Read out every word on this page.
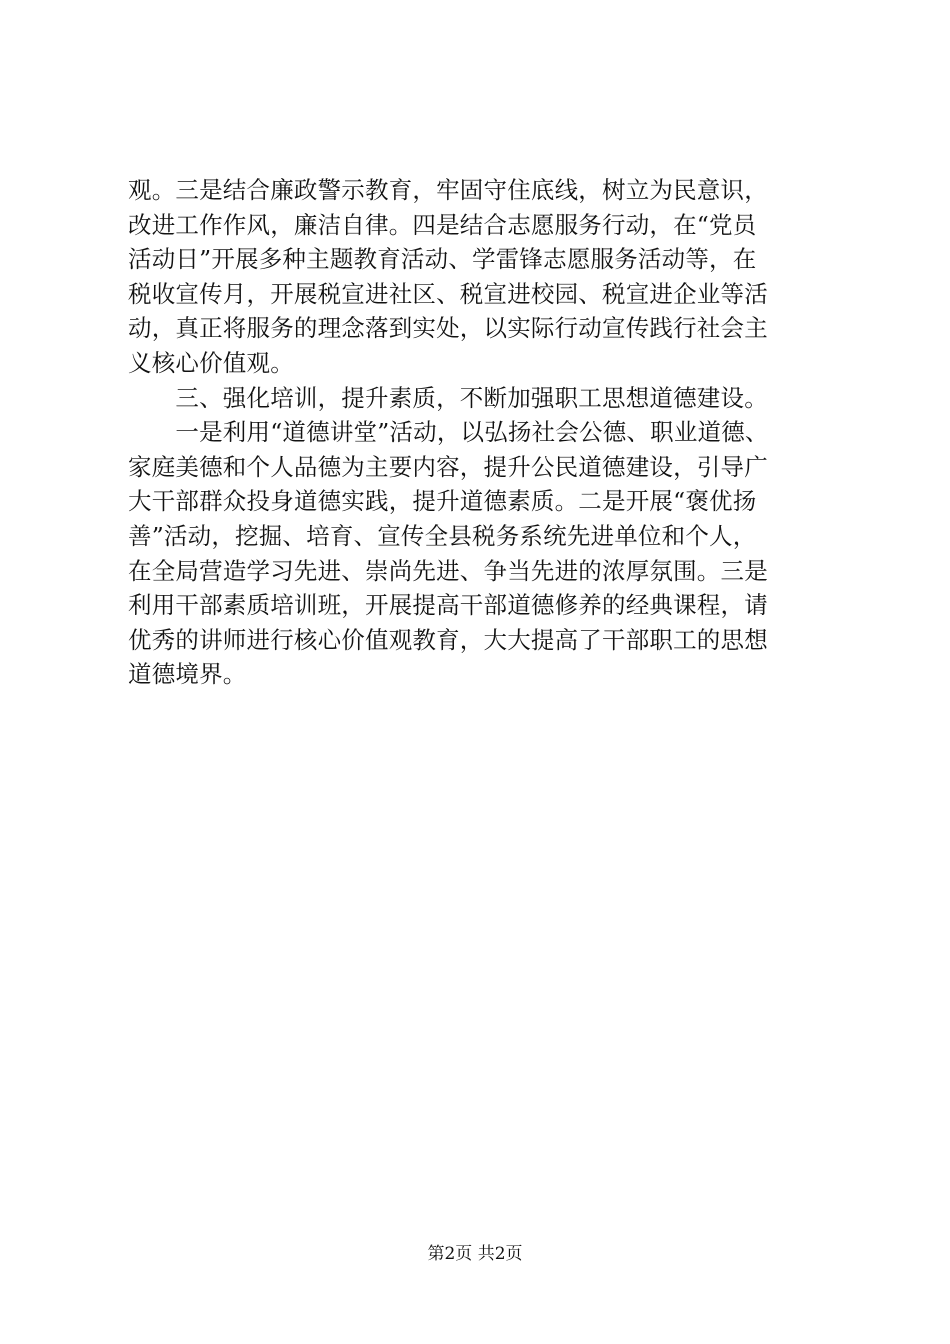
观。三是结合廉政警示教育，牢固守住底线，树立为民意识，
改进工作作风，廉洁自律。四是结合志愿服务行动，在“党员
活动日”开展多种主题教育活动、学雷锋志愿服务活动等，在
税收宣传月，开展税宣进社区、税宣进校园、税宣进企业等活
动，真正将服务的理念落到实处，以实际行动宣传践行社会主
义核心价值观。
　　三、强化培训，提升素质，不断加强职工思想道德建设。
　　一是利用“道德讲堂”活动，以弘扬社会公德、职业道德、
家庭美德和个人品德为主要内容，提升公民道德建设，引导广
大干部群众投身道德实践，提升道德素质。二是开展“褒优扬
善”活动，挖掘、培育、宣传全县税务系统先进单位和个人，
在全局营造学习先进、崇尚先进、争当先进的浓厚氛围。三是
利用干部素质培训班，开展提高干部道德修养的经典课程，请
优秀的讲师进行核心价值观教育，大大提高了干部职工的思想
道德境界。
第2页 共2页
